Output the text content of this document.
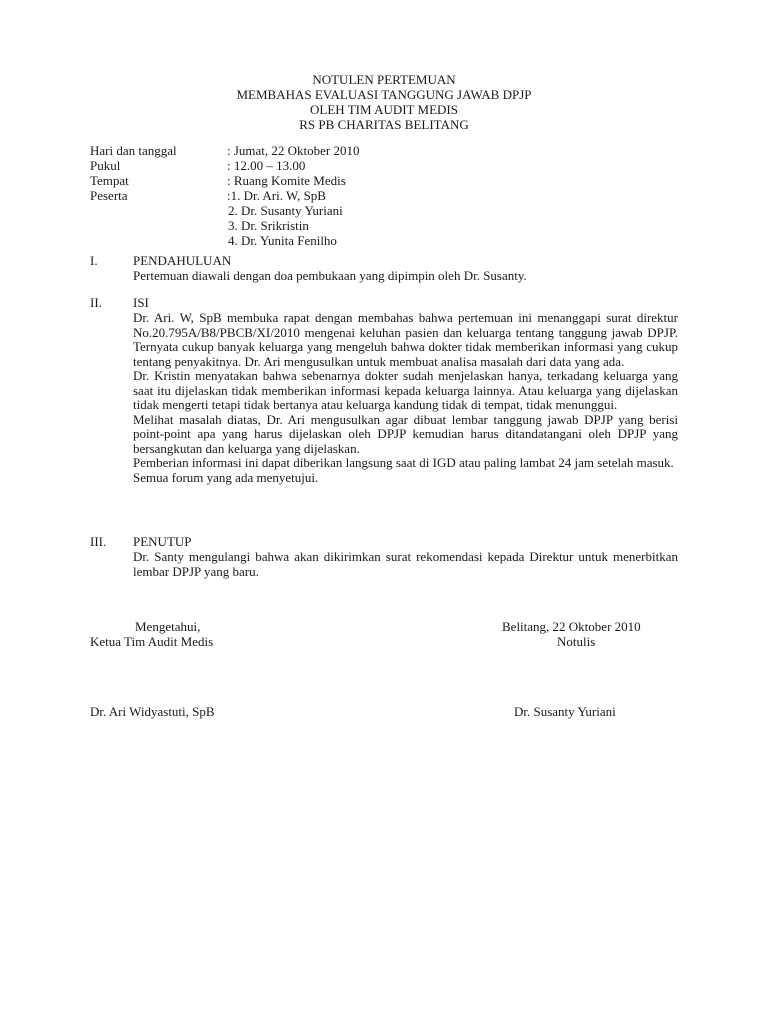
NOTULEN PERTEMUAN
MEMBAHAS EVALUASI TANGGUNG JAWAB DPJP
OLEH TIM AUDIT MEDIS
RS PB CHARITAS BELITANG
Hari dan tanggal	: Jumat, 22 Oktober 2010
Pukul	: 12.00 – 13.00
Tempat	: Ruang Komite Medis
Peserta	:1. Dr. Ari. W, SpB
2. Dr. Susanty Yuriani
3. Dr. Srikristin
4. Dr. Yunita Fenilho
I.	PENDAHULUAN

Pertemuan diawali dengan doa pembukaan yang dipimpin oleh Dr. Susanty.

II. ISI

Dr. Ari. W, SpB membuka rapat dengan membahas bahwa pertemuan ini menanggapi surat direktur No.20.795A/B8/PBCB/XI/2010 mengenai keluhan pasien dan keluarga tentang tanggung jawab DPJP. Ternyata cukup banyak keluarga yang mengeluh bahwa dokter tidak memberikan informasi yang cukup tentang penyakitnya. Dr. Ari mengusulkan untuk membuat analisa masalah dari data yang ada.

Dr. Kristin menyatakan bahwa sebenarnya dokter sudah menjelaskan hanya, terkadang keluarga yang saat itu dijelaskan tidak memberikan informasi kepada keluarga lainnya. Atau keluarga yang dijelaskan tidak mengerti tetapi tidak bertanya atau keluarga kandung tidak di tempat, tidak menunggui.

Melihat masalah diatas, Dr. Ari mengusulkan agar dibuat lembar tanggung jawab DPJP yang berisi point-point apa yang harus dijelaskan oleh DPJP kemudian harus ditandatangani oleh DPJP yang bersangkutan dan keluarga yang dijelaskan.

Pemberian informasi ini dapat diberikan langsung saat di IGD atau paling lambat 24 jam setelah masuk.

Semua forum yang ada menyetujui.

III. PENUTUP

Dr. Santy mengulangi bahwa akan dikirimkan surat rekomendasi kepada Direktur untuk menerbitkan lembar DPJP yang baru.

Mengetahui,
Ketua Tim Audit Medis
Dr. Ari Widyastuti, SpB
Belitang, 22 Oktober 2010
Notulis
Dr. Susanty Yuriani
